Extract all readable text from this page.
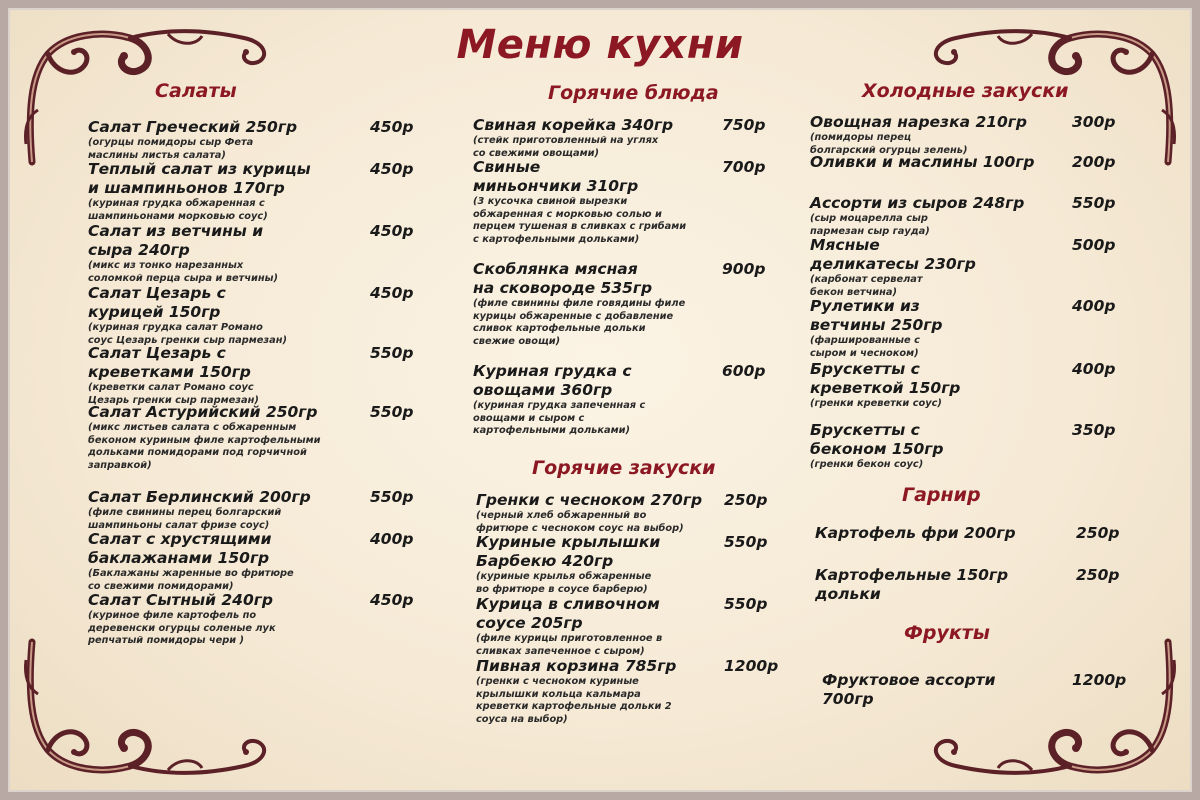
Меню кухни
Салаты
Салат Греческий 250гр
(огурцы помидоры сыр Фета
маслины листья салата)
450р
Теплый салат из курицы
и шампиньонов 170гр
(куриная грудка обжаренная с
шампиньонами морковью соус)
450р
Салат из ветчины и
сыра 240гр
(микс из тонко нарезанных
соломкой перца сыра и ветчины)
450р
Салат Цезарь с
курицей 150гр
(куриная грудка салат Романо
соус Цезарь гренки сыр пармезан)
450р
Салат Цезарь с
креветками 150гр
(креветки салат Романо соус
Цезарь гренки сыр пармезан)
550р
Салат Астурийский 250гр
(микс листьев салата с обжаренным
беконом куриным филе картофельными
дольками помидорами под горчичной
заправкой)
550р
Салат Берлинский 200гр
(филе свинины перец болгарский
шампиньоны салат фризе соус)
550р
Салат с хрустящими
баклажанами 150гр
(Баклажаны жаренные во фритюре
со свежими помидорами)
400р
Салат Сытный 240гр
(куриное филе картофель по
деревенски огурцы соленые лук
репчатый помидоры чери )
450р
Горячие блюда
Свиная корейка 340гр
(стейк приготовленный на углях
со свежими овощами)
750р
Свиные
миньончики 310гр
(3 кусочка свиной вырезки
обжаренная с морковью солью и
перцем тушеная в сливках с грибами
с картофельными дольками)
700р
Скоблянка мясная
на сковороде 535гр
(филе свинины филе говядины филе
курицы обжаренные с добавление
сливок картофельные дольки
свежие овощи)
900р
Куриная грудка с
овощами 360гр
(куриная грудка запеченная с
овощами и сыром с
картофельными дольками)
600р
Горячие закуски
Гренки с чесноком 270гр
(черный хлеб обжаренный во
фритюре с чесноком соус на выбор)
250р
Куриные крылышки
Барбекю 420гр
(куриные крылья обжаренные
во фритюре в соусе барберю)
550р
Курица в сливочном
соусе 205гр
(филе курицы приготовленное в
сливках запеченное с сыром)
550р
Пивная корзина 785гр
(гренки с чесноком куриные
крылышки кольца кальмара
креветки картофельные дольки 2
соуса на выбор)
1200р
Холодные закуски
Овощная нарезка 210гр
(помидоры перец
болгарский огурцы зелень)
300р
Оливки и маслины 100гр 200р
Ассорти из сыров 248гр
(сыр моцарелла сыр
пармезан сыр гауда)
550р
Мясные
деликатесы 230гр
(карбонат сервелат
бекон ветчина)
500р
Рулетики из
ветчины 250гр
(фаршированные с
сыром и чесноком)
400р
Брускетты с
креветкой 150гр
(гренки креветки соус)
400р
Брускетты с
беконом 150гр
(гренки бекон соус)
350р
Гарнир
Картофель фри 200гр	250р
Картофельные 150гр
дольки
250р
Фрукты
Фруктовое ассорти
700гр
1200р
